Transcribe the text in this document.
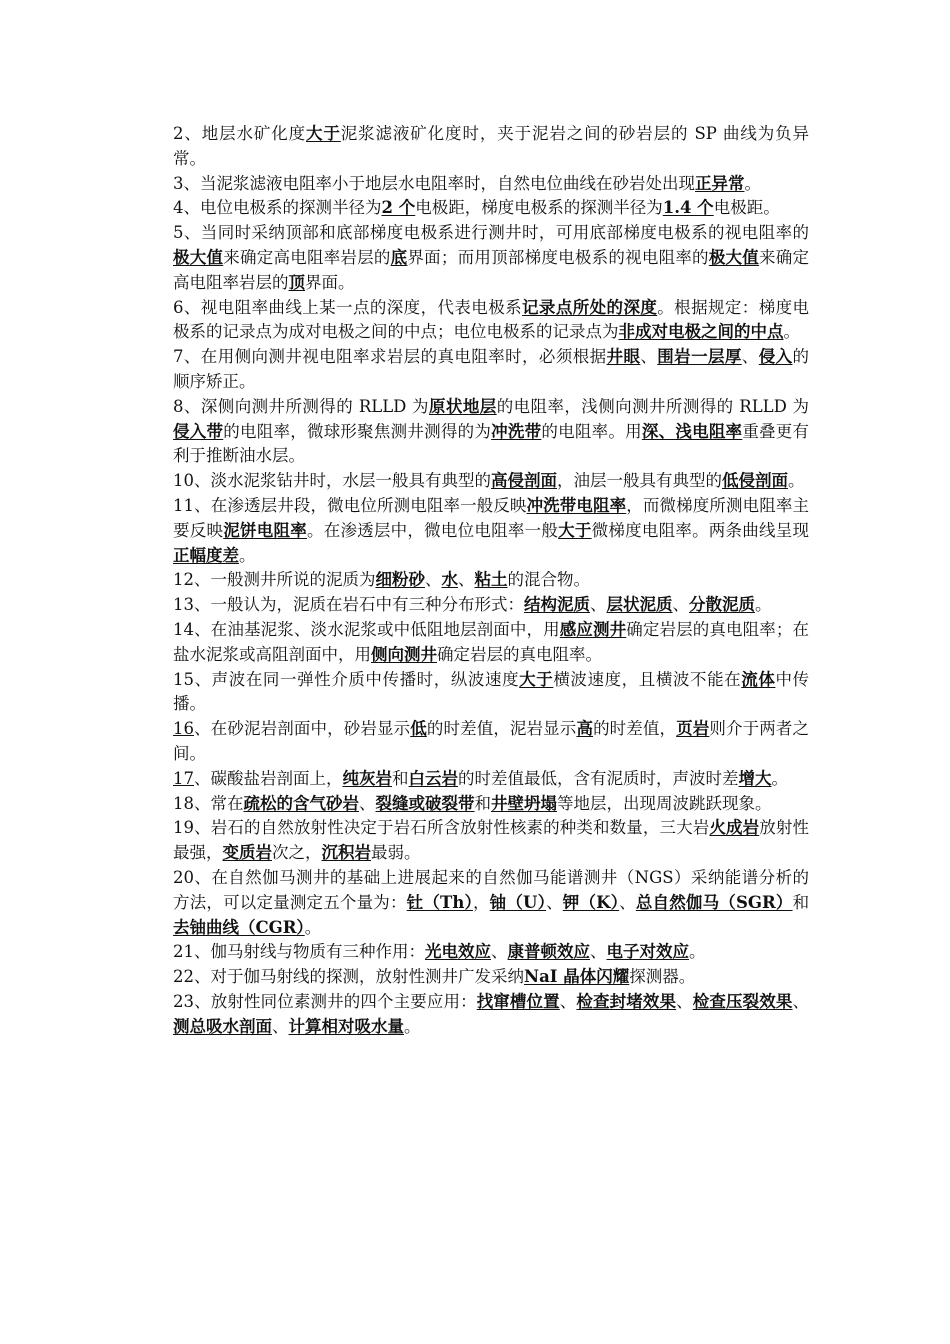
2、地层水矿化度大于泥浆滤液矿化度时，夹于泥岩之间的砂岩层的 SP 曲线为负异常。

3、当泥浆滤液电阻率小于地层水电阻率时，自然电位曲线在砂岩处出现正异常。

4、电位电极系的探测半径为2 个电极距，梯度电极系的探测半径为1.4 个电极距。

5、当同时采纳顶部和底部梯度电极系进行测井时，可用底部梯度电极系的视电阻率的极大值来确定高电阻率岩层的底界面；而用顶部梯度电极系的视电阻率的极大值来确定高电阻率岩层的顶界面。

6、视电阻率曲线上某一点的深度，代表电极系记录点所处的深度。根据规定：梯度电极系的记录点为成对电极之间的中点；电位电极系的记录点为非成对电极之间的中点。

7、在用侧向测井视电阻率求岩层的真电阻率时，必须根据井眼、围岩一层厚、侵入的顺序矫正。

8、深侧向测井所测得的 RLLD 为原状地层的电阻率，浅侧向测井所测得的 RLLD 为侵入带的电阻率，微球形聚焦测井测得的为冲洗带的电阻率。用深、浅电阻率重叠更有利于推断油水层。

10、淡水泥浆钻井时，水层一般具有典型的高侵剖面，油层一般具有典型的低侵剖面。

11、在渗透层井段，微电位所测电阻率一般反映冲洗带电阻率，而微梯度所测电阻率主要反映泥饼电阻率。在渗透层中，微电位电阻率一般大于微梯度电阻率。两条曲线呈现正幅度差。

12、一般测井所说的泥质为细粉砂、水、粘土的混合物。

13、一般认为，泥质在岩石中有三种分布形式：结构泥质、层状泥质、分散泥质。

14、在油基泥浆、淡水泥浆或中低阻地层剖面中，用感应测井确定岩层的真电阻率；在盐水泥浆或高阻剖面中，用侧向测井确定岩层的真电阻率。

15、声波在同一弹性介质中传播时，纵波速度大于横波速度，且横波不能在流体中传播。

16、在砂泥岩剖面中，砂岩显示低的时差值，泥岩显示高的时差值，页岩则介于两者之间。

17、碳酸盐岩剖面上，纯灰岩和白云岩的时差值最低，含有泥质时，声波时差增大。

18、常在疏松的含气砂岩、裂缝或破裂带和井壁坍塌等地层，出现周波跳跃现象。

19、岩石的自然放射性决定于岩石所含放射性核素的种类和数量，三大岩火成岩放射性最强，变质岩次之，沉积岩最弱。

20、在自然伽马测井的基础上进展起来的自然伽马能谱测井（NGS）采纳能谱分析的方法，可以定量测定五个量为：钍（Th），铀（U）、钾（K）、总自然伽马（SGR）和去铀曲线（CGR）。

21、伽马射线与物质有三种作用：光电效应、康普顿效应、电子对效应。

22、对于伽马射线的探测，放射性测井广发采纳NaI 晶体闪耀探测器。

23、放射性同位素测井的四个主要应用：找窜槽位置、检查封堵效果、检查压裂效果、测总吸水剖面、计算相对吸水量。
